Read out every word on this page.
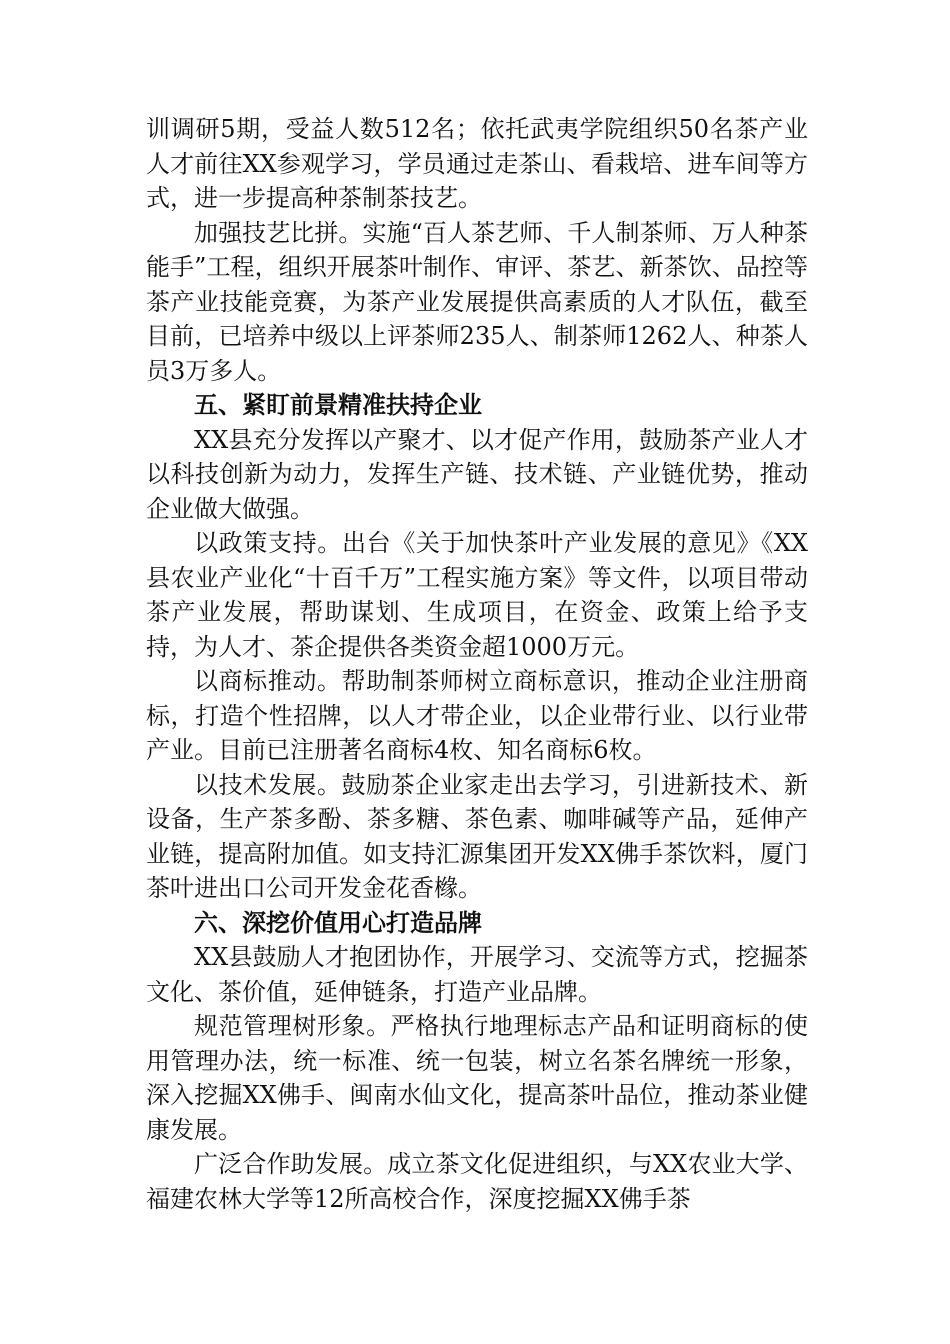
训调研5期，受益人数512名；依托武夷学院组织50名茶产业人才前往XX参观学习，学员通过走茶山、看栽培、进车间等方式，进一步提高种茶制茶技艺。

加强技艺比拼。实施“百人茶艺师、千人制茶师、万人种茶能手”工程，组织开展茶叶制作、审评、茶艺、新茶饮、品控等茶产业技能竞赛，为茶产业发展提供高素质的人才队伍，截至目前，已培养中级以上评茶师235人、制茶师1262人、种茶人员3万多人。

五、紧盯前景精准扶持企业

XX县充分发挥以产聚才、以才促产作用，鼓励茶产业人才以科技创新为动力，发挥生产链、技术链、产业链优势，推动企业做大做强。

以政策支持。出台《关于加快茶叶产业发展的意见》《XX县农业产业化“十百千万”工程实施方案》等文件，以项目带动茶产业发展，帮助谋划、生成项目，在资金、政策上给予支持，为人才、茶企提供各类资金超1000万元。

以商标推动。帮助制茶师树立商标意识，推动企业注册商标，打造个性招牌，以人才带企业，以企业带行业、以行业带产业。目前已注册著名商标4枚、知名商标6枚。

以技术发展。鼓励茶企业家走出去学习，引进新技术、新设备，生产茶多酚、茶多糖、茶色素、咖啡碱等产品，延伸产业链，提高附加值。如支持汇源集团开发XX佛手茶饮料，厦门茶叶进出口公司开发金花香橼。

六、深挖价值用心打造品牌

XX县鼓励人才抱团协作，开展学习、交流等方式，挖掘茶文化、茶价值，延伸链条，打造产业品牌。

规范管理树形象。严格执行地理标志产品和证明商标的使用管理办法，统一标准、统一包装，树立名茶名牌统一形象，深入挖掘XX佛手、闽南水仙文化，提高茶叶品位，推动茶业健康发展。

广泛合作助发展。成立茶文化促进组织，与XX农业大学、福建农林大学等12所高校合作，深度挖掘XX佛手茶
